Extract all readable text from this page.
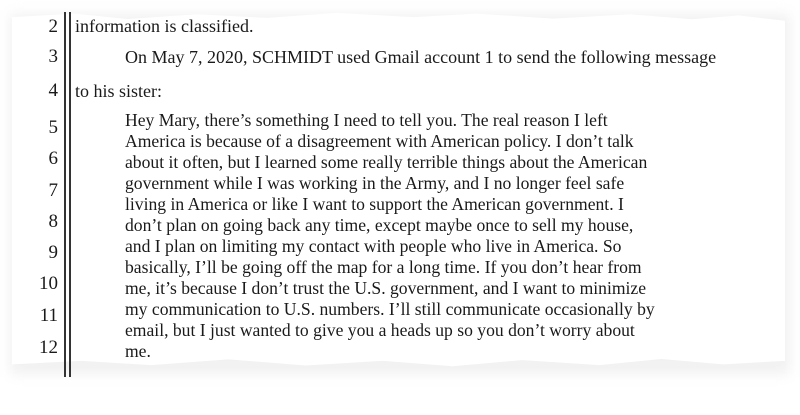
2
3
4
5
6
7
8
9
10
11
12
information is classified.
On May 7, 2020, SCHMIDT used Gmail account 1 to send the following message
to his sister:
Hey Mary, there’s something I need to tell you. The real reason I left
America is because of a disagreement with American policy. I don’t talk
about it often, but I learned some really terrible things about the American
government while I was working in the Army, and I no longer feel safe
living in America or like I want to support the American government. I
don’t plan on going back any time, except maybe once to sell my house,
and I plan on limiting my contact with people who live in America. So
basically, I’ll be going off the map for a long time. If you don’t hear from
me, it’s because I don’t trust the U.S. government, and I want to minimize
my communication to U.S. numbers. I’ll still communicate occasionally by
email, but I just wanted to give you a heads up so you don’t worry about
me.
